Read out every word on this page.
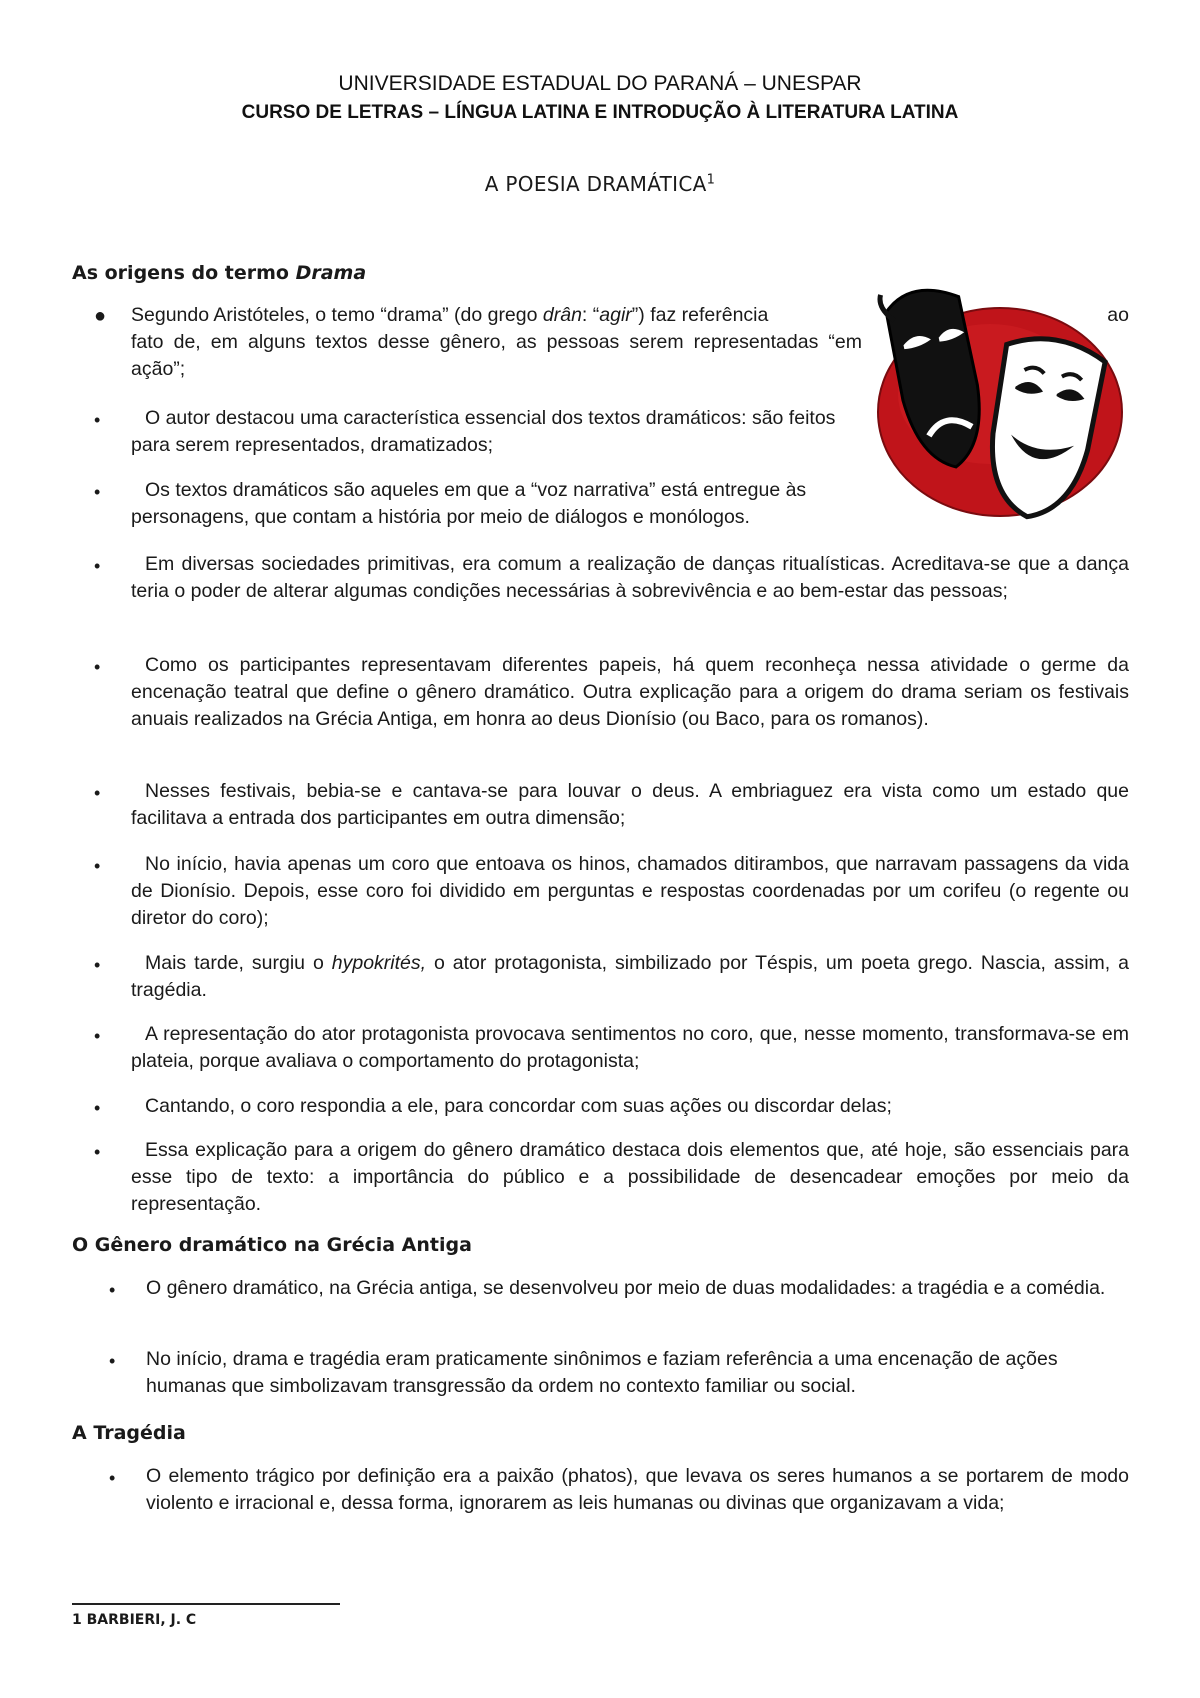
UNIVERSIDADE ESTADUAL DO PARANÁ – UNESPAR
CURSO DE LETRAS – LÍNGUA LATINA E INTRODUÇÃO À LITERATURA LATINA
A POESIA DRAMÁTICA$^1$
As origens do termo Drama
● Segundo Aristóteles, o temo “drama” (do grego drân: “agir”) faz referência	ao
fato de, em alguns textos desse gênero, as pessoas serem representadas “em ação”;
•	O autor destacou uma característica essencial dos textos dramáticos: são feitos para serem representados, dramatizados;
•	Os textos dramáticos são aqueles em que a “voz narrativa” está entregue às personagens, que contam a história por meio de diálogos e monólogos.
•	Em diversas sociedades primitivas, era comum a realização de danças ritualísticas. Acreditava-se que a dança teria o poder de alterar algumas condições necessárias à sobrevivência e ao bem-estar das pessoas;
•	Como os participantes representavam diferentes papeis, há quem reconheça nessa atividade o germe da encenação teatral que define o gênero dramático. Outra explicação para a origem do drama seriam os festivais anuais realizados na Grécia Antiga, em honra ao deus Dionísio (ou Baco, para os romanos).
•	Nesses festivais, bebia-se e cantava-se para louvar o deus. A embriaguez era vista como um estado que facilitava a entrada dos participantes em outra dimensão;
•	No início, havia apenas um coro que entoava os hinos, chamados ditirambos, que narravam passagens da vida de Dionísio. Depois, esse coro foi dividido em perguntas e respostas coordenadas por um corifeu (o regente ou diretor do coro);
•	Mais tarde, surgiu o hypokrités, o ator protagonista, simbilizado por Téspis, um poeta grego. Nascia, assim, a tragédia.
•	A representação do ator protagonista provocava sentimentos no coro, que, nesse momento, transformava-se em plateia, porque avaliava o comportamento do protagonista;
•	Cantando, o coro respondia a ele, para concordar com suas ações ou discordar delas;
•	Essa explicação para a origem do gênero dramático destaca dois elementos que, até hoje, são essenciais para esse tipo de texto: a importância do público e a possibilidade de desencadear emoções por meio da representação.
O Gênero dramático na Grécia Antiga
• O gênero dramático, na Grécia antiga, se desenvolveu por meio de duas modalidades: a tragédia e a comédia.
• No início, drama e tragédia eram praticamente sinônimos e faziam referência a uma encenação de ações humanas que simbolizavam transgressão da ordem no contexto familiar ou social.
A Tragédia
• O elemento trágico por definição era a paixão (phatos), que levava os seres humanos a se portarem de modo violento e irracional e, dessa forma, ignorarem as leis humanas ou divinas que organizavam a vida;
1 BARBIERI, J. C
